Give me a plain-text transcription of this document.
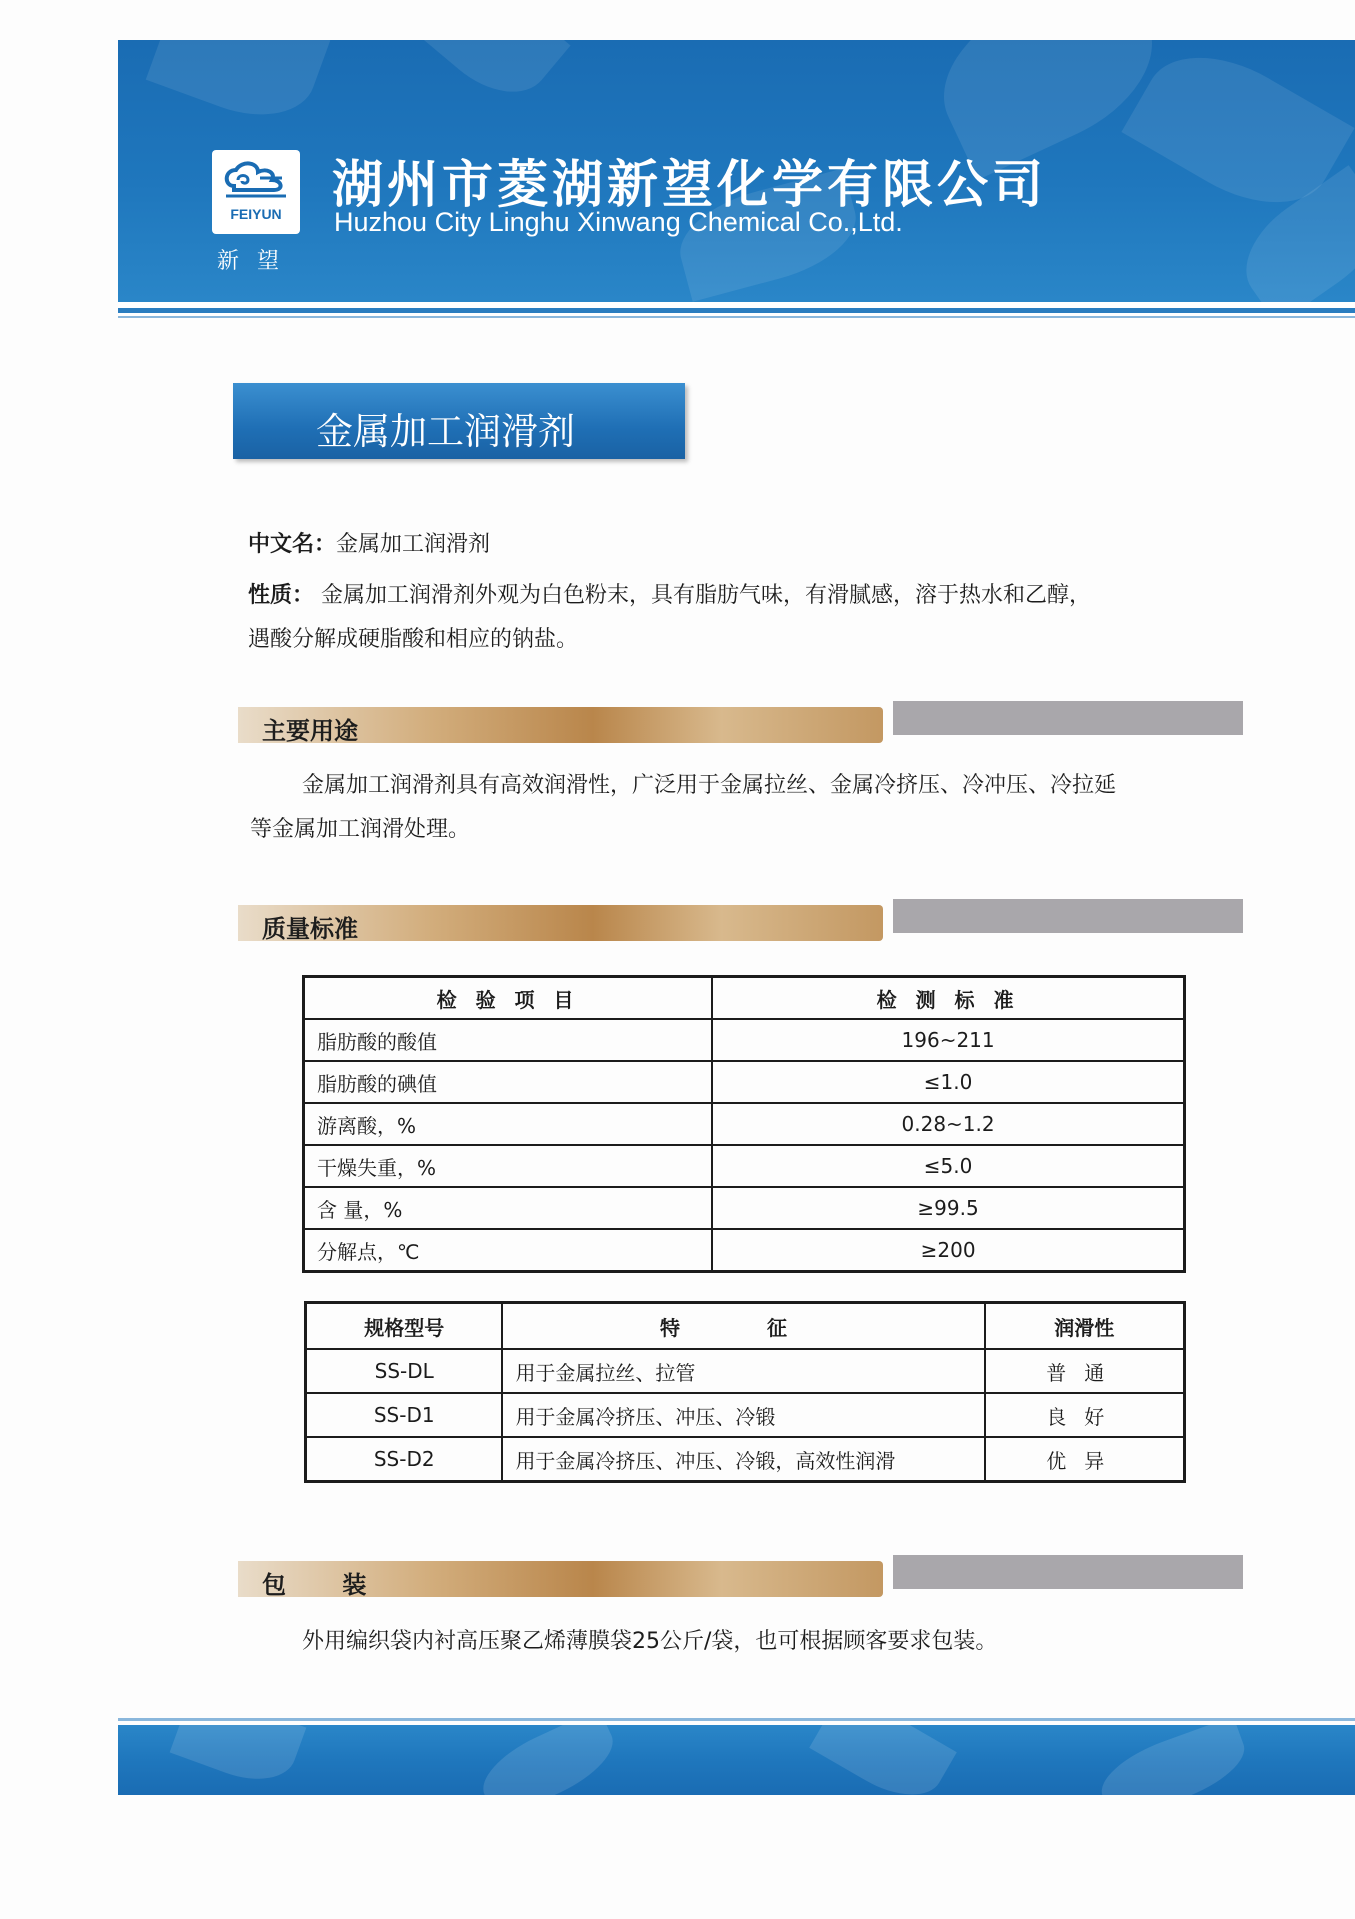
FEIYUN
新望
湖州市菱湖新望化学有限公司
Huzhou City Linghu Xinwang Chemical Co.,Ltd.
金属加工润滑剂
中文名：金属加工润滑剂
性质： 金属加工润滑剂外观为白色粉末，具有脂肪气味，有滑腻感，溶于热水和乙醇，
遇酸分解成硬脂酸和相应的钠盐。
主要用途
金属加工润滑剂具有高效润滑性，广泛用于金属拉丝、金属冷挤压、冷冲压、冷拉延
等金属加工润滑处理。
质量标准
检 验 项 目	检 测 标 准
脂肪酸的酸值	196~211
脂肪酸的碘值	≤1.0
游离酸，%	0.28~1.2
干燥失重，%	≤5.0
含 量，%	≥99.5
分解点，℃	≥200
规格型号	特 征	润滑性
SS-DL	用于金属拉丝、拉管	普通
SS-D1	用于金属冷挤压、冲压、冷锻	良好
SS-D2	用于金属冷挤压、冲压、冷锻，高效性润滑	优异
包 装
外用编织袋内衬高压聚乙烯薄膜袋25公斤/袋，也可根据顾客要求包装。
